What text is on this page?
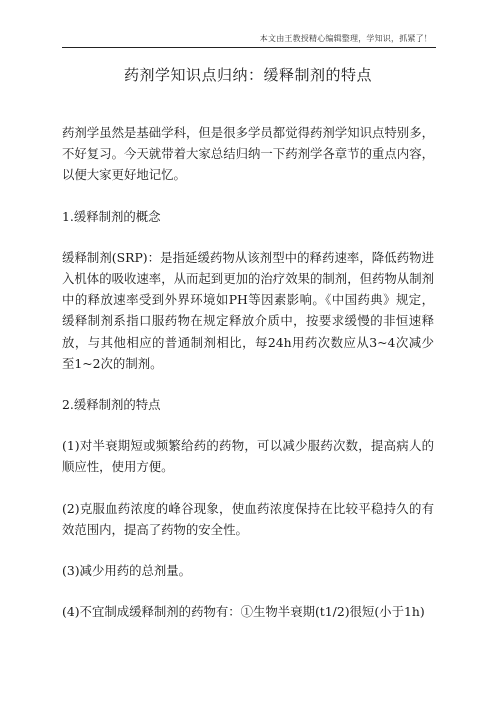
本文由王教授精心编辑整理，学知识，抓紧了！
药剂学知识点归纳：缓释制剂的特点

药剂学虽然是基础学科，但是很多学员都觉得药剂学知识点特别多，不好复习。今天就带着大家总结归纳一下药剂学各章节的重点内容，以便大家更好地记忆。

1.缓释制剂的概念

缓释制剂(SRP)：是指延缓药物从该剂型中的释药速率，降低药物进入机体的吸收速率，从而起到更加的治疗效果的制剂，但药物从制剂中的释放速率受到外界环境如PH等因素影响。《中国药典》规定，缓释制剂系指口服药物在规定释放介质中，按要求缓慢的非恒速释放，与其他相应的普通制剂相比，每24h用药次数应从3~4次减少至1~2次的制剂。

2.缓释制剂的特点

(1)对半衰期短或频繁给药的药物，可以减少服药次数，提高病人的顺应性，使用方便。

(2)克服血药浓度的峰谷现象，使血药浓度保持在比较平稳持久的有效范围内，提高了药物的安全性。

(3)减少用药的总剂量。

(4)不宜制成缓释制剂的药物有：①生物半衰期(t1/2)很短(小于1h)
